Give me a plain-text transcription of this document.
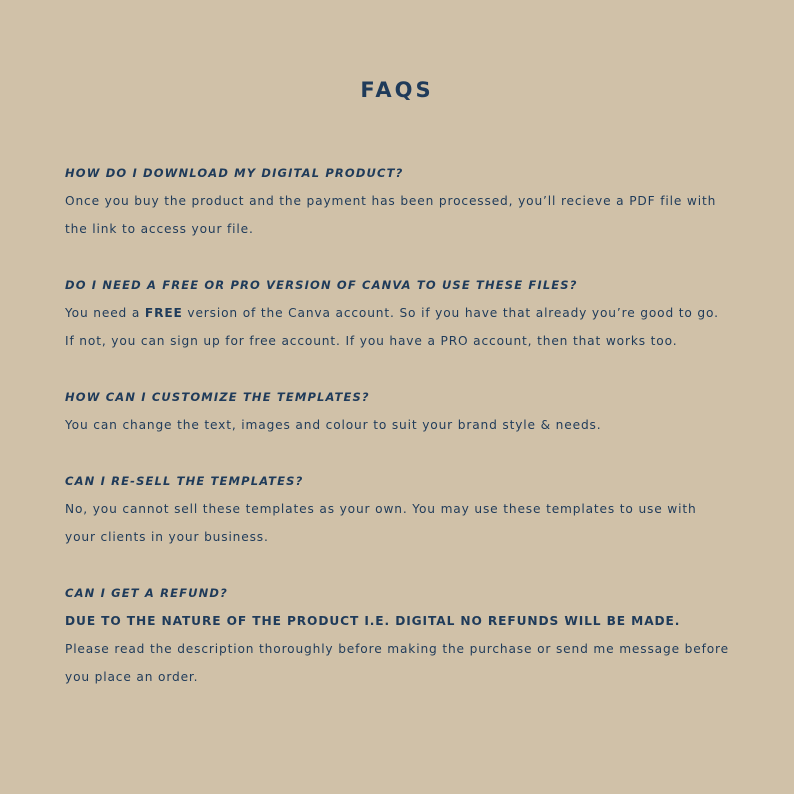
FAQS

HOW DO I DOWNLOAD MY DIGITAL PRODUCT?

Once you buy the product and the payment has been processed, you’ll recieve a PDF file with the link to access your file.

DO I NEED A FREE OR PRO VERSION OF CANVA TO USE THESE FILES?

You need a FREE version of the Canva account. So if you have that already you’re good to go. If not, you can sign up for free account. If you have a PRO account, then that works too.

HOW CAN I CUSTOMIZE THE TEMPLATES?

You can change the text, images and colour to suit your brand style & needs.

CAN I RE-SELL THE TEMPLATES?

No, you cannot sell these templates as your own. You may use these templates to use with your clients in your business.

CAN I GET A REFUND?

DUE TO THE NATURE OF THE PRODUCT I.E. DIGITAL NO REFUNDS WILL BE MADE. Please read the description thoroughly before making the purchase or send me message before you place an order.
